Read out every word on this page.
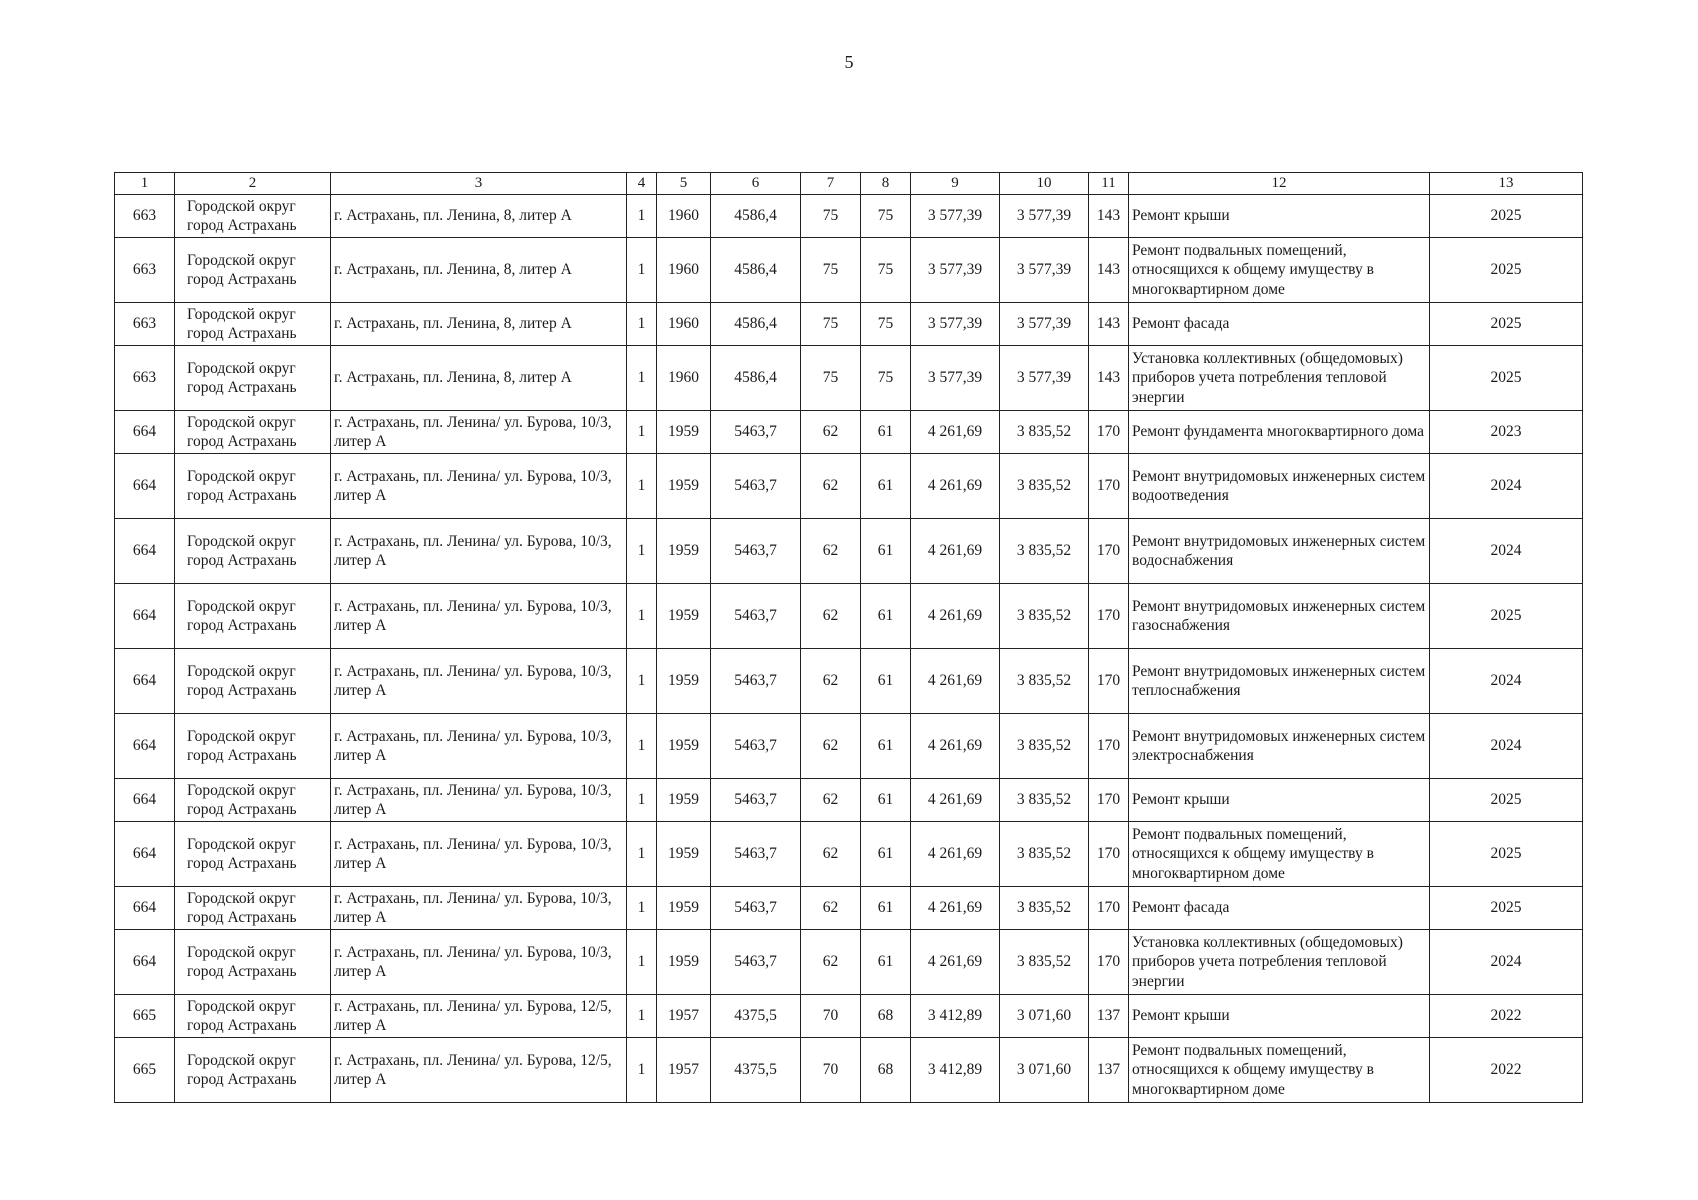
5
1	2	3	4	5	6	7	8	9	10	11	12	13
663	Городской округ город Астрахань	г. Астрахань, пл. Ленина, 8, литер А	1	1960	4586,4	75	75	3 577,39	3 577,39	143	Ремонт крыши	2025
663	Городской округ город Астрахань	г. Астрахань, пл. Ленина, 8, литер А	1	1960	4586,4	75	75	3 577,39	3 577,39	143	Ремонт подвальных помещений, относящихся к общему имуществу в многоквартирном доме	2025
663	Городской округ город Астрахань	г. Астрахань, пл. Ленина, 8, литер А	1	1960	4586,4	75	75	3 577,39	3 577,39	143	Ремонт фасада	2025
663	Городской округ город Астрахань	г. Астрахань, пл. Ленина, 8, литер А	1	1960	4586,4	75	75	3 577,39	3 577,39	143	Установка коллективных (общедомовых) приборов учета потребления тепловой энергии	2025
664	Городской округ город Астрахань	г. Астрахань, пл. Ленина/ ул. Бурова, 10/3, литер А	1	1959	5463,7	62	61	4 261,69	3 835,52	170	Ремонт фундамента многоквартирного дома	2023
664	Городской округ город Астрахань	г. Астрахань, пл. Ленина/ ул. Бурова, 10/3, литер А	1	1959	5463,7	62	61	4 261,69	3 835,52	170	Ремонт внутридомовых инженерных систем водоотведения	2024
664	Городской округ город Астрахань	г. Астрахань, пл. Ленина/ ул. Бурова, 10/3, литер А	1	1959	5463,7	62	61	4 261,69	3 835,52	170	Ремонт внутридомовых инженерных систем водоснабжения	2024
664	Городской округ город Астрахань	г. Астрахань, пл. Ленина/ ул. Бурова, 10/3, литер А	1	1959	5463,7	62	61	4 261,69	3 835,52	170	Ремонт внутридомовых инженерных систем газоснабжения	2025
664	Городской округ город Астрахань	г. Астрахань, пл. Ленина/ ул. Бурова, 10/3, литер А	1	1959	5463,7	62	61	4 261,69	3 835,52	170	Ремонт внутридомовых инженерных систем теплоснабжения	2024
664	Городской округ город Астрахань	г. Астрахань, пл. Ленина/ ул. Бурова, 10/3, литер А	1	1959	5463,7	62	61	4 261,69	3 835,52	170	Ремонт внутридомовых инженерных систем электроснабжения	2024
664	Городской округ город Астрахань	г. Астрахань, пл. Ленина/ ул. Бурова, 10/3, литер А	1	1959	5463,7	62	61	4 261,69	3 835,52	170	Ремонт крыши	2025
664	Городской округ город Астрахань	г. Астрахань, пл. Ленина/ ул. Бурова, 10/3, литер А	1	1959	5463,7	62	61	4 261,69	3 835,52	170	Ремонт подвальных помещений, относящихся к общему имуществу в многоквартирном доме	2025
664	Городской округ город Астрахань	г. Астрахань, пл. Ленина/ ул. Бурова, 10/3, литер А	1	1959	5463,7	62	61	4 261,69	3 835,52	170	Ремонт фасада	2025
664	Городской округ город Астрахань	г. Астрахань, пл. Ленина/ ул. Бурова, 10/3, литер А	1	1959	5463,7	62	61	4 261,69	3 835,52	170	Установка коллективных (общедомовых) приборов учета потребления тепловой энергии	2024
665	Городской округ город Астрахань	г. Астрахань, пл. Ленина/ ул. Бурова, 12/5, литер А	1	1957	4375,5	70	68	3 412,89	3 071,60	137	Ремонт крыши	2022
665	Городской округ город Астрахань	г. Астрахань, пл. Ленина/ ул. Бурова, 12/5, литер А	1	1957	4375,5	70	68	3 412,89	3 071,60	137	Ремонт подвальных помещений, относящихся к общему имуществу в многоквартирном доме	2022
